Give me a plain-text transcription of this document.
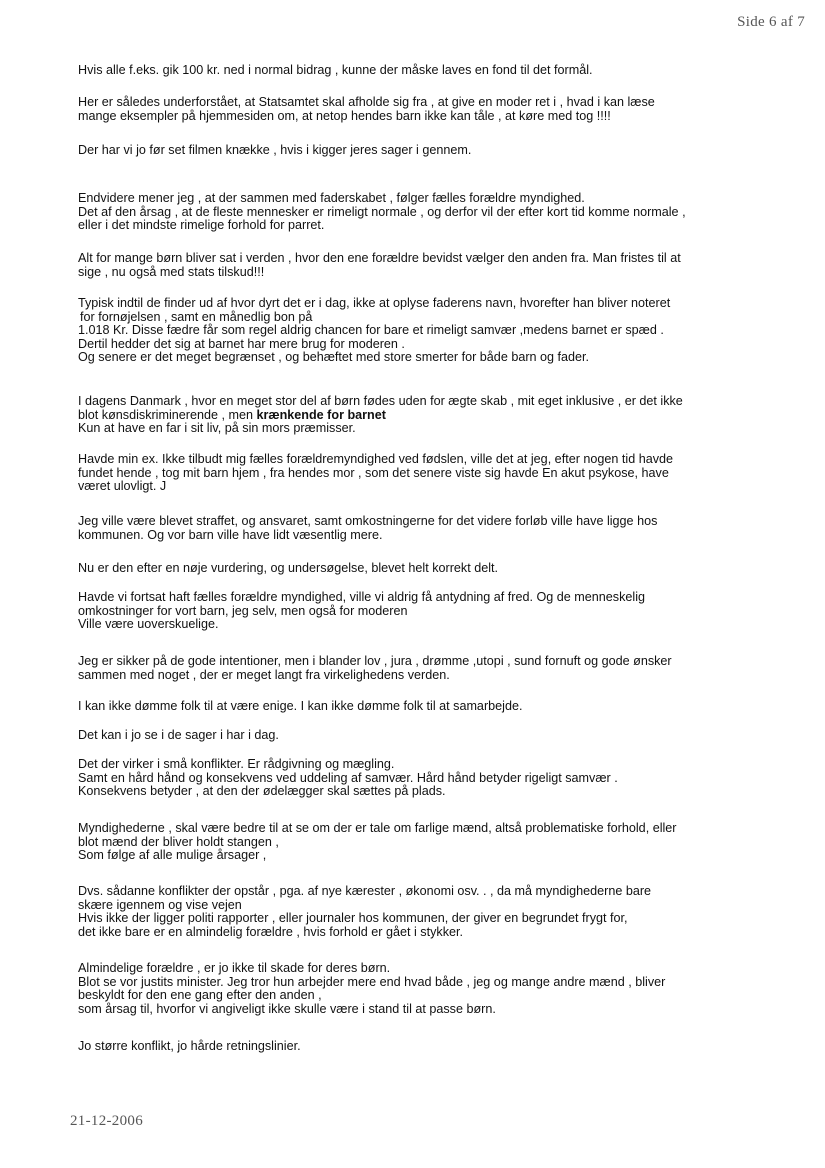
Side 6 af 7

Hvis alle f.eks. gik 100 kr. ned i normal bidrag , kunne der måske laves en fond til det formål.

Her er således underforstået, at Statsamtet skal afholde sig fra , at give en moder ret i , hvad i kan læse
mange eksempler på hjemmesiden om, at netop hendes barn ikke kan tåle , at køre med tog !!!!

Der har vi jo før set filmen knække , hvis i kigger jeres sager i gennem.

Endvidere mener jeg , at der sammen med faderskabet , følger fælles forældre myndighed.
Det af den årsag , at de fleste mennesker er rimeligt normale , og derfor vil der efter kort tid komme normale ,
eller i det mindste rimelige forhold for parret.

Alt for mange børn bliver sat i verden , hvor den ene forældre bevidst vælger den anden fra. Man fristes til at
sige , nu også med stats tilskud!!!

Typisk indtil de finder ud af hvor dyrt det er i dag, ikke at oplyse faderens navn, hvorefter han bliver noteret
for fornøjelsen , samt en månedlig bon på
1.018 Kr. Disse fædre får som regel aldrig chancen for bare et rimeligt samvær ,medens barnet er spæd .
Dertil hedder det sig at barnet har mere brug for moderen .
Og senere er det meget begrænset , og behæftet med store smerter for både barn og fader.

I dagens Danmark , hvor en meget stor del af børn fødes uden for ægte skab , mit eget inklusive , er det ikke
blot kønsdiskriminerende , men krænkende for barnet
Kun at have en far i sit liv, på sin mors præmisser.

Havde min ex. Ikke tilbudt mig fælles forældremyndighed ved fødslen, ville det at jeg, efter nogen tid havde
fundet hende , tog mit barn hjem , fra hendes mor , som det senere viste sig havde En akut psykose, have
været ulovligt. J

Jeg ville være blevet straffet, og ansvaret, samt omkostningerne for det videre forløb ville have ligge hos
kommunen. Og vor barn ville have lidt væsentlig mere.

Nu er den efter en nøje vurdering, og undersøgelse, blevet helt korrekt delt.

Havde vi fortsat haft fælles forældre myndighed, ville vi aldrig få antydning af fred. Og de menneskelig
omkostninger for vort barn, jeg selv, men også for moderen
Ville være uoverskuelige.

Jeg er sikker på de gode intentioner, men i blander lov , jura , drømme ,utopi , sund fornuft og gode ønsker
sammen med noget , der er meget langt fra virkelighedens verden.

I kan ikke dømme folk til at være enige. I kan ikke dømme folk til at samarbejde.

Det kan i jo se i de sager i har i dag.

Det der virker i små konflikter. Er rådgivning og mægling.
Samt en hård hånd og konsekvens ved uddeling af samvær. Hård hånd betyder rigeligt samvær .
Konsekvens betyder , at den der ødelægger skal sættes på plads.

Myndighederne , skal være bedre til at se om der er tale om farlige mænd, altså problematiske forhold, eller
blot mænd der bliver holdt stangen ,
Som følge af alle mulige årsager ,

Dvs. sådanne konflikter der opstår , pga. af nye kærester , økonomi osv. . , da må myndighederne bare
skære igennem og vise vejen
Hvis ikke der ligger politi rapporter , eller journaler hos kommunen, der giver en begrundet frygt for,
det ikke bare er en almindelig forældre , hvis forhold er gået i stykker.

Almindelige forældre , er jo ikke til skade for deres børn.
Blot se vor justits minister. Jeg tror hun arbejder mere end hvad både , jeg og mange andre mænd , bliver
beskyldt for den ene gang efter den anden ,
som årsag til, hvorfor vi angiveligt ikke skulle være i stand til at passe børn.

Jo større konflikt, jo hårde retningslinier.

21-12-2006
